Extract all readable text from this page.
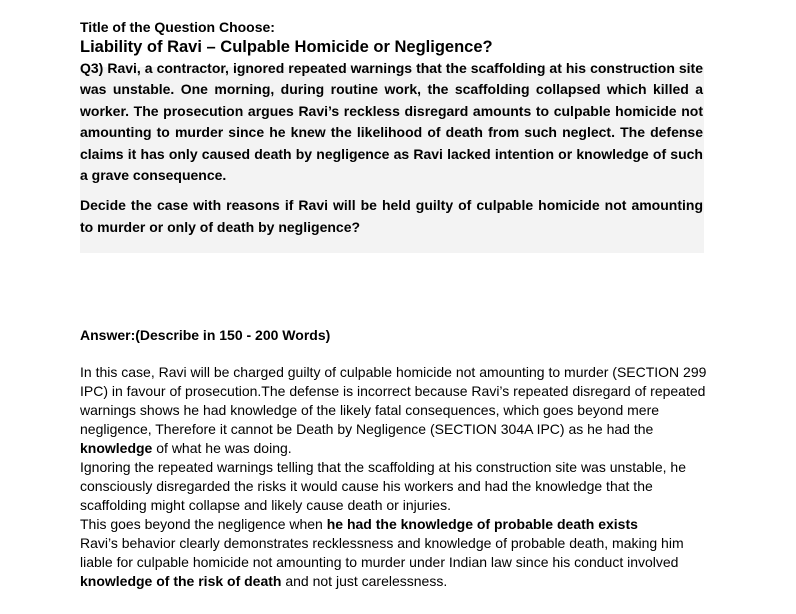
Title of the Question Choose:
Liability of Ravi – Culpable Homicide or Negligence?

Q3) Ravi, a contractor, ignored repeated warnings that the scaffolding at his construction site was unstable. One morning, during routine work, the scaffolding collapsed which killed a worker. The prosecution argues Ravi’s reckless disregard amounts to culpable homicide not amounting to murder since he knew the likelihood of death from such neglect. The defense claims it has only caused death by negligence as Ravi lacked intention or knowledge of such a grave consequence.

Decide the case with reasons if Ravi will be held guilty of culpable homicide not amounting to murder or only of death by negligence?

Answer:(Describe in 150 - 200 Words)

In this case, Ravi will be charged guilty of culpable homicide not amounting to murder (SECTION 299 IPC) in favour of prosecution.The defense is incorrect because Ravi’s repeated disregard of repeated warnings shows he had knowledge of the likely fatal consequences, which goes beyond mere negligence, Therefore it cannot be Death by Negligence (SECTION 304A IPC) as he had the knowledge of what he was doing.

Ignoring the repeated warnings telling that the scaffolding at his construction site was unstable, he consciously disregarded the risks it would cause his workers and had the knowledge that the scaffolding might collapse and likely cause death or injuries.

This goes beyond the negligence when he had the knowledge of probable death exists

Ravi’s behavior clearly demonstrates recklessness and knowledge of probable death, making him liable for culpable homicide not amounting to murder under Indian law since his conduct involved knowledge of the risk of death and not just carelessness.
